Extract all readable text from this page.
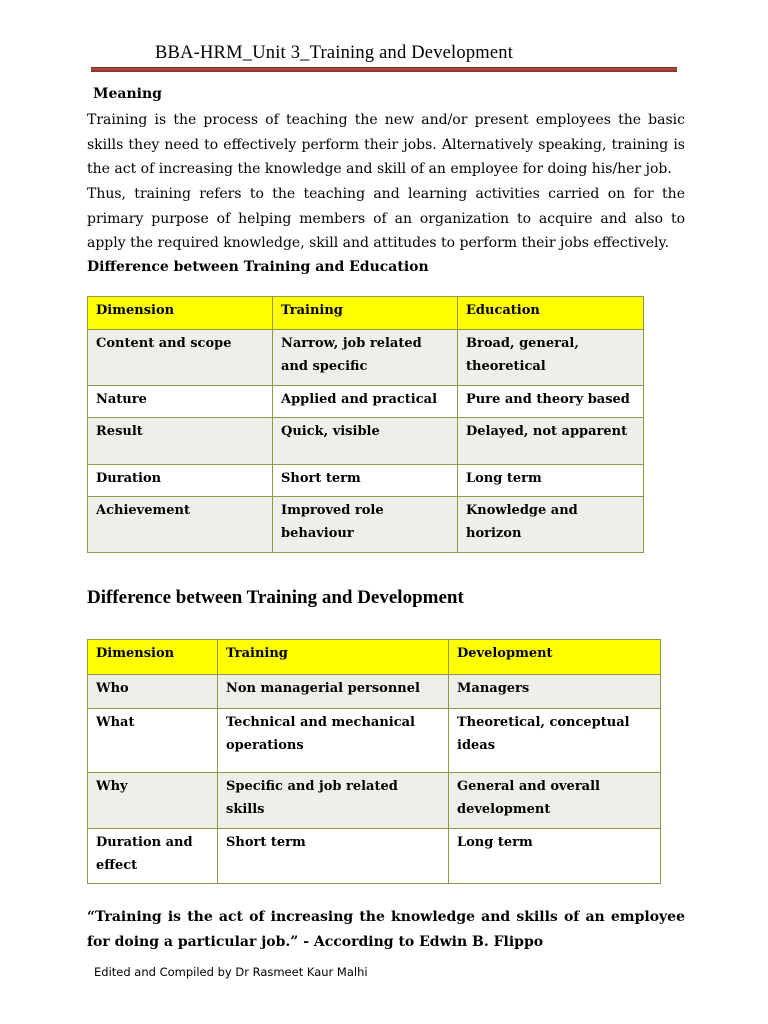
BBA-HRM_Unit 3_Training and Development
Meaning

Training is the process of teaching the new and/or present employees the basic skills they need to effectively perform their jobs. Alternatively speaking, training is the act of increasing the knowledge and skill of an employee for doing his/her job.

Thus, training refers to the teaching and learning activities carried on for the primary purpose of helping members of an organization to acquire and also to apply the required knowledge, skill and attitudes to perform their jobs effectively.

Difference between Training and Education
Dimension	Training	Education
Content and scope	Narrow, job related and specific	Broad, general, theoretical
Nature	Applied and practical	Pure and theory based
Result	Quick, visible	Delayed, not apparent
Duration	Short term	Long term
Achievement	Improved role behaviour	Knowledge and horizon
Difference between Training and Development
Dimension	Training	Development
Who	Non managerial personnel	Managers
What	Technical and mechanical operations	Theoretical, conceptual ideas
Why	Specific and job related skills	General and overall development
Duration and effect	Short term	Long term

“Training is the act of increasing the knowledge and skills of an employee for doing a particular job.” - According to Edwin B. Flippo

Edited and Compiled by Dr Rasmeet Kaur Malhi
